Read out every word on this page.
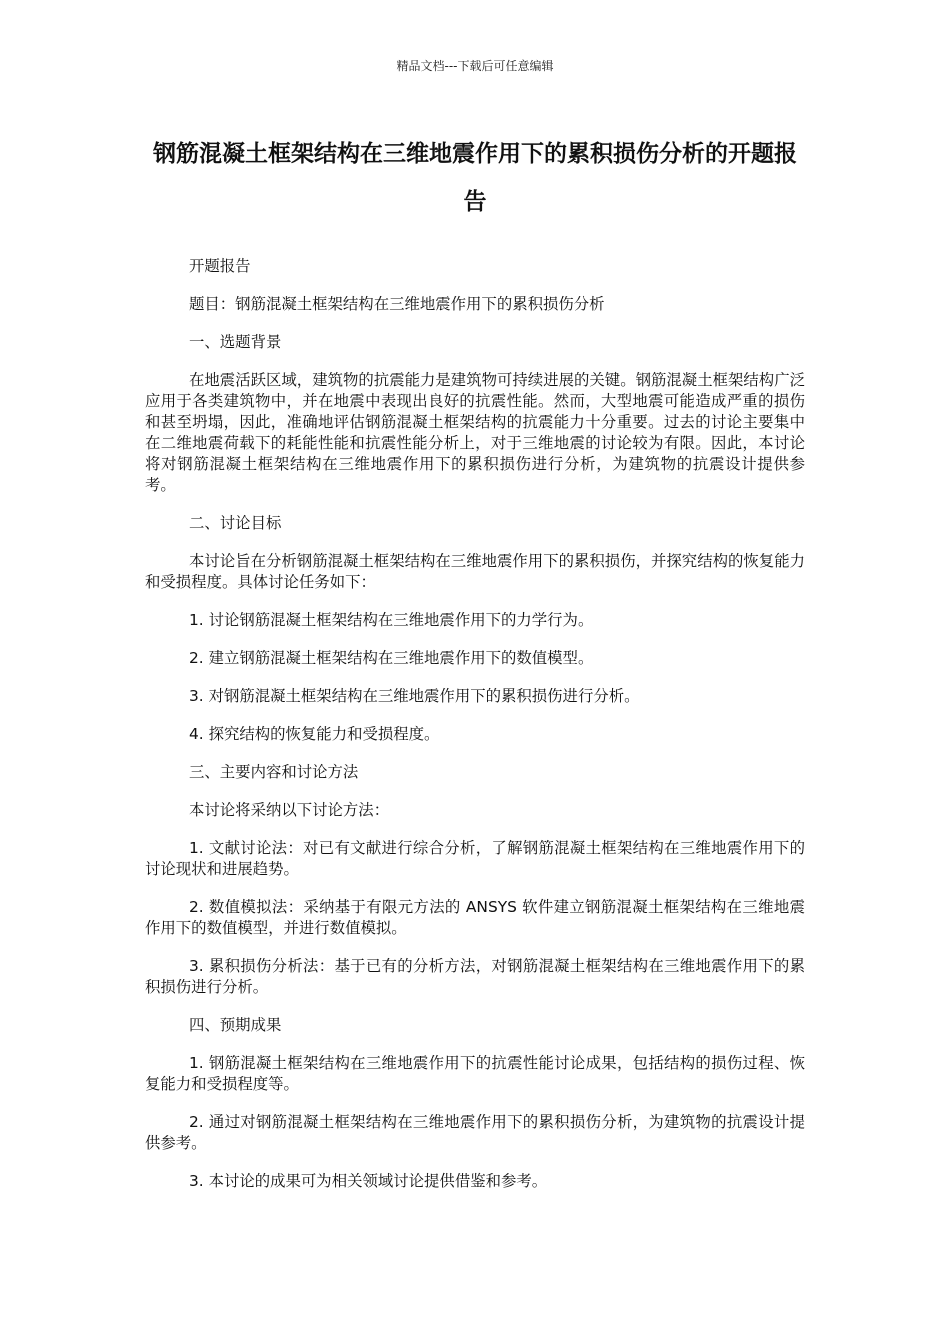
精品文档---下载后可任意编辑
钢筋混凝土框架结构在三维地震作用下的累积损伤分析的开题报告

开题报告

题目：钢筋混凝土框架结构在三维地震作用下的累积损伤分析

一、选题背景

在地震活跃区域，建筑物的抗震能力是建筑物可持续进展的关键。钢筋混凝土框架结构广泛应用于各类建筑物中，并在地震中表现出良好的抗震性能。然而，大型地震可能造成严重的损伤和甚至坍塌，因此，准确地评估钢筋混凝土框架结构的抗震能力十分重要。过去的讨论主要集中在二维地震荷载下的耗能性能和抗震性能分析上，对于三维地震的讨论较为有限。因此，本讨论将对钢筋混凝土框架结构在三维地震作用下的累积损伤进行分析，为建筑物的抗震设计提供参考。

二、讨论目标

本讨论旨在分析钢筋混凝土框架结构在三维地震作用下的累积损伤，并探究结构的恢复能力和受损程度。具体讨论任务如下：

1. 讨论钢筋混凝土框架结构在三维地震作用下的力学行为。

2. 建立钢筋混凝土框架结构在三维地震作用下的数值模型。

3. 对钢筋混凝土框架结构在三维地震作用下的累积损伤进行分析。

4. 探究结构的恢复能力和受损程度。

三、主要内容和讨论方法

本讨论将采纳以下讨论方法：

1. 文献讨论法：对已有文献进行综合分析，了解钢筋混凝土框架结构在三维地震作用下的讨论现状和进展趋势。

2. 数值模拟法：采纳基于有限元方法的 ANSYS 软件建立钢筋混凝土框架结构在三维地震作用下的数值模型，并进行数值模拟。

3. 累积损伤分析法：基于已有的分析方法，对钢筋混凝土框架结构在三维地震作用下的累积损伤进行分析。

四、预期成果

1. 钢筋混凝土框架结构在三维地震作用下的抗震性能讨论成果，包括结构的损伤过程、恢复能力和受损程度等。

2. 通过对钢筋混凝土框架结构在三维地震作用下的累积损伤分析，为建筑物的抗震设计提供参考。

3. 本讨论的成果可为相关领域讨论提供借鉴和参考。
